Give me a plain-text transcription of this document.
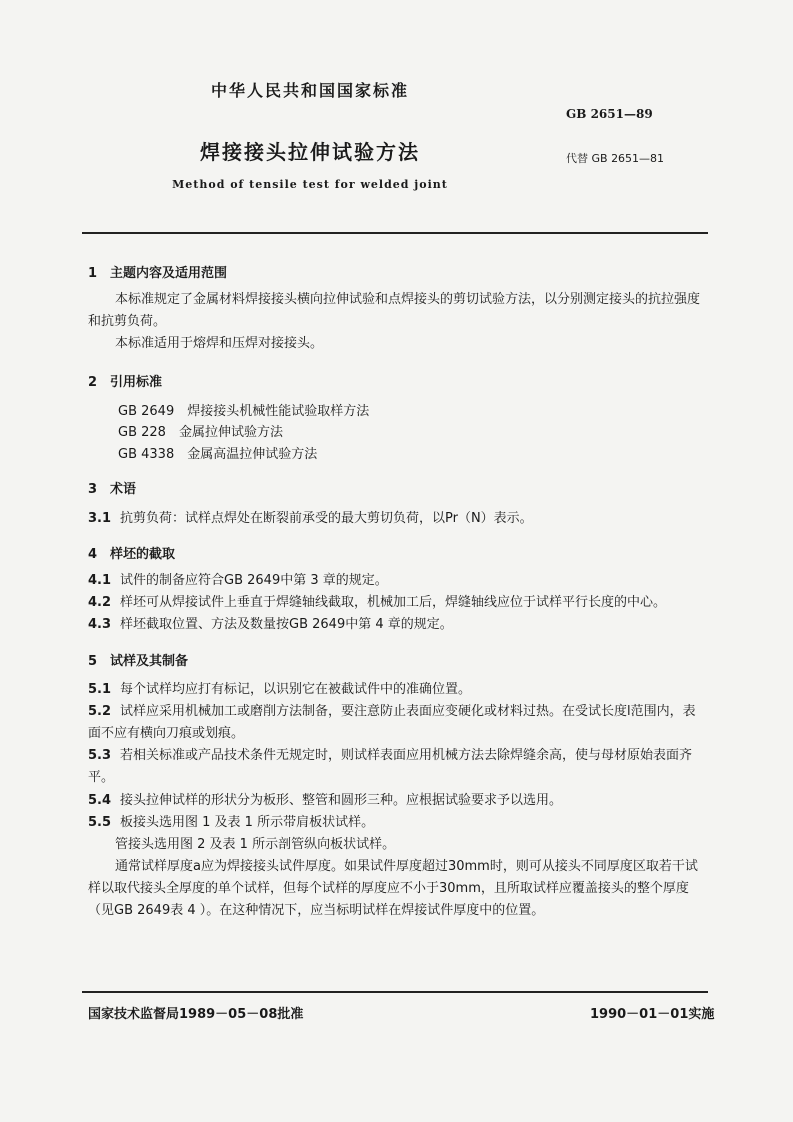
中华人民共和国国家标准
GB 2651—89
焊接接头拉伸试验方法	代替 GB 2651—81
Method of tensile test for welded joint
1　主题内容及适用范围
本标准规定了金属材料焊接接头横向拉伸试验和点焊接头的剪切试验方法，以分别测定接头的抗拉强度和抗剪负荷。
本标准适用于熔焊和压焊对接接头。
2　引用标准
GB 2649　焊接接头机械性能试验取样方法
GB 228　金属拉伸试验方法
GB 4338　金属高温拉伸试验方法
3　术语
3.1 抗剪负荷：试样点焊处在断裂前承受的最大剪切负荷，以Pr（N）表示。
4　样坯的截取
4.1 试件的制备应符合GB 2649中第 3 章的规定。
4.2 样坯可从焊接试件上垂直于焊缝轴线截取，机械加工后，焊缝轴线应位于试样平行长度的中心。
4.3 样坯截取位置、方法及数量按GB 2649中第 4 章的规定。
5　试样及其制备
5.1 每个试样均应打有标记，以识别它在被截试件中的准确位置。
5.2 试样应采用机械加工或磨削方法制备，要注意防止表面应变硬化或材料过热。在受试长度l范围内，表面不应有横向刀痕或划痕。
5.3 若相关标准或产品技术条件无规定时，则试样表面应用机械方法去除焊缝余高，使与母材原始表面齐平。
5.4 接头拉伸试样的形状分为板形、整管和圆形三种。应根据试验要求予以选用。
5.5 板接头选用图 1 及表 1 所示带肩板状试样。
管接头选用图 2 及表 1 所示剖管纵向板状试样。
通常试样厚度a应为焊接接头试件厚度。如果试件厚度超过30mm时，则可从接头不同厚度区取若干试样以取代接头全厚度的单个试样，但每个试样的厚度应不小于30mm，且所取试样应覆盖接头的整个厚度（见GB 2649表 4 ）。在这种情况下，应当标明试样在焊接试件厚度中的位置。
国家技术监督局1989－05－08批准	1990－01－01实施
